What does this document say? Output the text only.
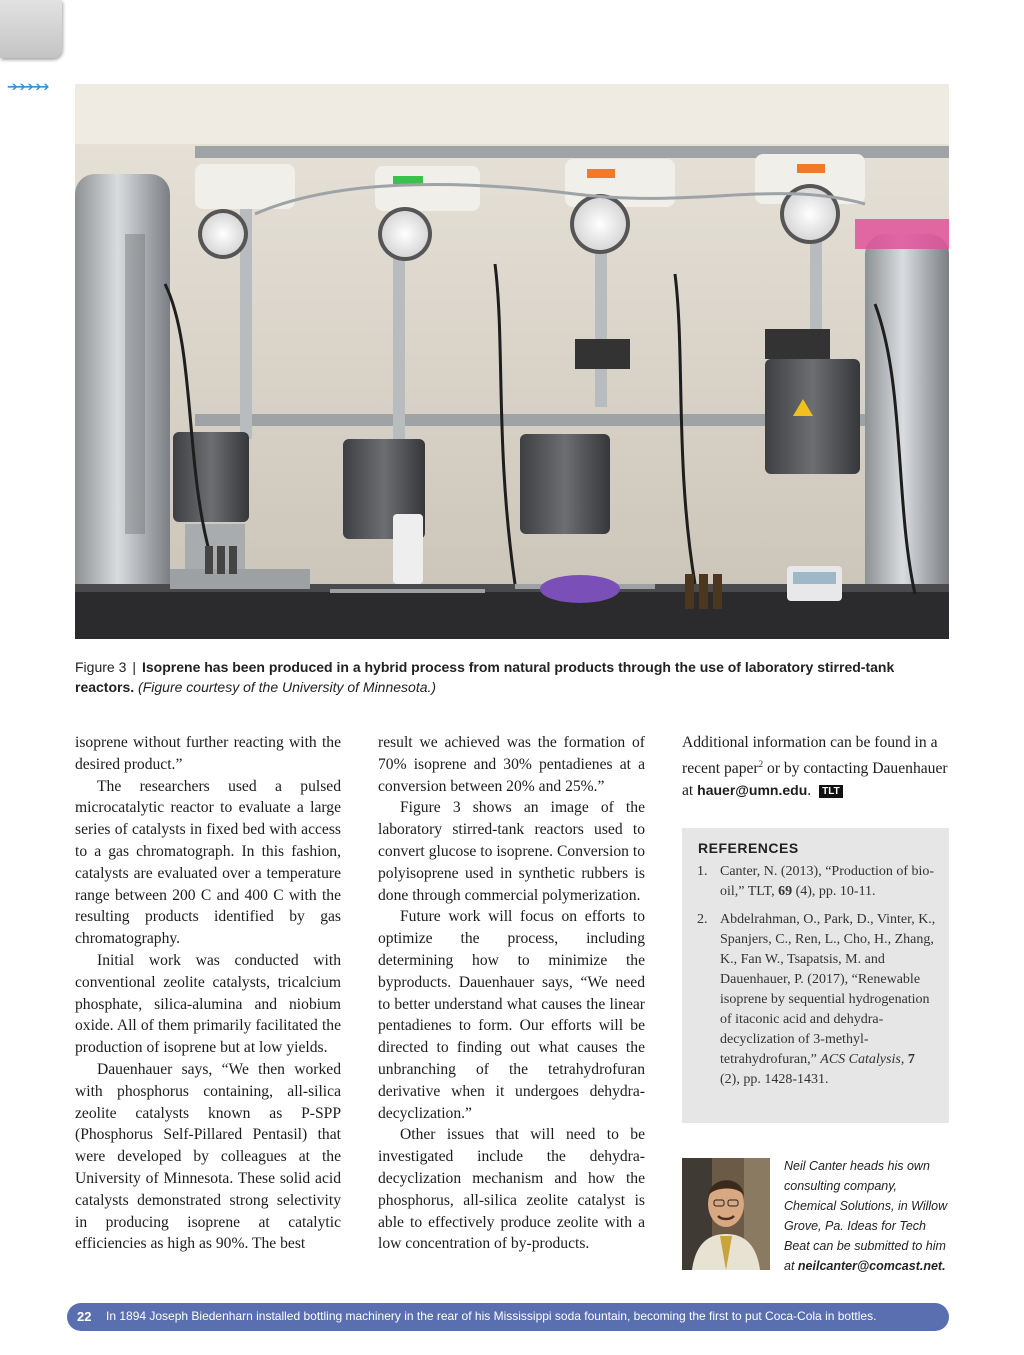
➔➔➔➔➔
Figure 3 | Isoprene has been produced in a hybrid process from natural products through the use of laboratory stirred-tank reactors. (Figure courtesy of the University of Minnesota.)

isoprene without further reacting with the desired product.”

The researchers used a pulsed microcatalytic reactor to evaluate a large series of catalysts in fixed bed with access to a gas chromatograph. In this fashion, catalysts are evaluated over a temperature range between 200 C and 400 C with the resulting products identified by gas chromatography.

Initial work was conducted with conventional zeolite catalysts, tricalcium phosphate, silica-alumina and niobium oxide. All of them primarily facilitated the production of isoprene but at low yields.

Dauenhauer says, “We then worked with phosphorus containing, all-silica zeolite catalysts known as P-SPP (Phosphorus Self-Pillared Pentasil) that were developed by colleagues at the University of Minnesota. These solid acid catalysts demonstrated strong selectivity in producing isoprene at catalytic efficiencies as high as 90%. The best

result we achieved was the formation of 70% isoprene and 30% pentadienes at a conversion between 20% and 25%.”

Figure 3 shows an image of the laboratory stirred-tank reactors used to convert glucose to isoprene. Conversion to polyisoprene used in synthetic rubbers is done through commercial polymerization.

Future work will focus on efforts to optimize the process, including determining how to minimize the byproducts. Dauenhauer says, “We need to better understand what causes the linear pentadienes to form. Our efforts will be directed to finding out what causes the unbranching of the tetrahydrofuran derivative when it undergoes dehydra-decyclization.”

Other issues that will need to be investigated include the dehydra-decyclization mechanism and how the phosphorus, all-silica zeolite catalyst is able to effectively produce zeolite with a low concentration of by-products.

Additional information can be found in a recent paper$^2$ or by contacting Dauenhauer at hauer@umn.edu. TLT

REFERENCES
1. Canter, N. (2013), “Production of bio-oil,” TLT, 69 (4), pp. 10-11.
2. Abdelrahman, O., Park, D., Vinter, K., Spanjers, C., Ren, L., Cho, H., Zhang, K., Fan W., Tsapatsis, M. and Dauenhauer, P. (2017), “Renewable isoprene by sequential hydrogenation of itaconic acid and dehydra-decyclization of 3-methyl-tetrahydrofuran,” ACS Catalysis, 7 (2), pp. 1428-1431.
Neil Canter heads his own consulting company, Chemical Solutions, in Willow Grove, Pa. Ideas for Tech Beat can be submitted to him at neilcanter@comcast.net.
22 In 1894 Joseph Biedenharn installed bottling machinery in the rear of his Mississippi soda fountain, becoming the first to put Coca-Cola in bottles.
